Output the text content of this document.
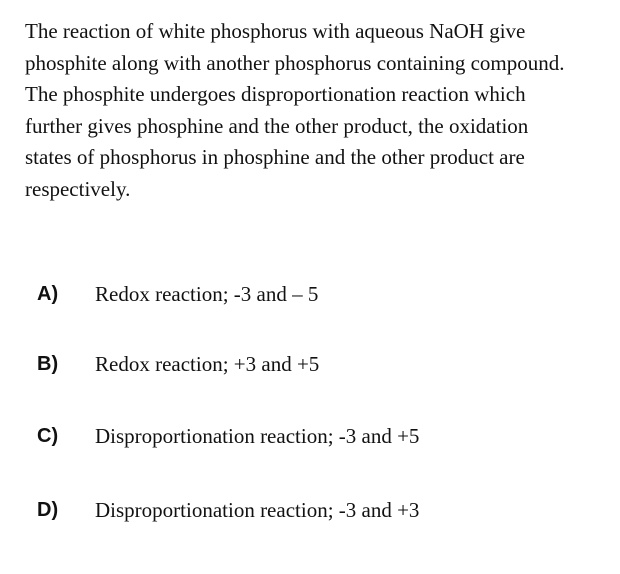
The reaction of white phosphorus with aqueous NaOH give
phosphite along with another phosphorus containing compound.
The phosphite undergoes disproportionation reaction which
further gives phosphine and the other product, the oxidation
states of phosphorus in phosphine and the other product are
respectively.
A)	Redox reaction; -3 and – 5
B)	Redox reaction; +3 and +5
C)	Disproportionation reaction; -3 and +5
D)	Disproportionation reaction; -3 and +3
